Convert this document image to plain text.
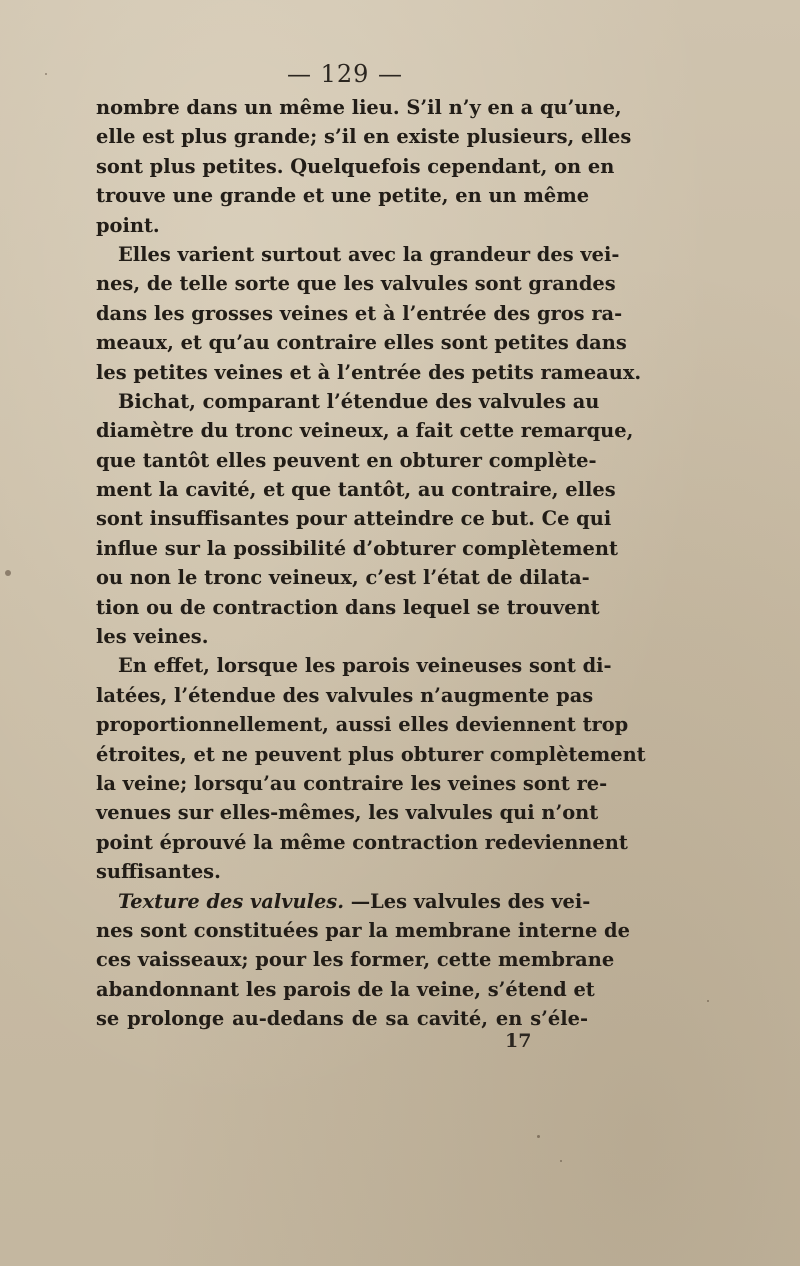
— 129 —
nombre dans un même lieu. S’il n’y en a qu’une,
elle est plus grande; s’il en existe plusieurs, elles
sont plus petites. Quelquefois cependant, on en
trouve une grande et une petite, en un même
point.
Elles varient surtout avec la grandeur des vei-
nes, de telle sorte que les valvules sont grandes
dans les grosses veines et à l’entrée des gros ra-
meaux, et qu’au contraire elles sont petites dans
les petites veines et à l’entrée des petits rameaux.
Bichat, comparant l’étendue des valvules au
diamètre du tronc veineux, a fait cette remarque,
que tantôt elles peuvent en obturer complète-
ment la cavité, et que tantôt, au contraire, elles
sont insuffisantes pour atteindre ce but. Ce qui
influe sur la possibilité d’obturer complètement
ou non le tronc veineux, c’est l’état de dilata-
tion ou de contraction dans lequel se trouvent
les veines.
En effet, lorsque les parois veineuses sont di-
latées, l’étendue des valvules n’augmente pas
proportionnellement, aussi elles deviennent trop
étroites, et ne peuvent plus obturer complètement
la veine; lorsqu’au contraire les veines sont re-
venues sur elles-mêmes, les valvules qui n’ont
point éprouvé la même contraction redeviennent
suffisantes.
Texture des valvules. —Les valvules des vei-
nes sont constituées par la membrane interne de
ces vaisseaux; pour les former, cette membrane
abandonnant les parois de la veine, s’étend et
se prolonge au-dedans de sa cavité, en s’éle-
17
